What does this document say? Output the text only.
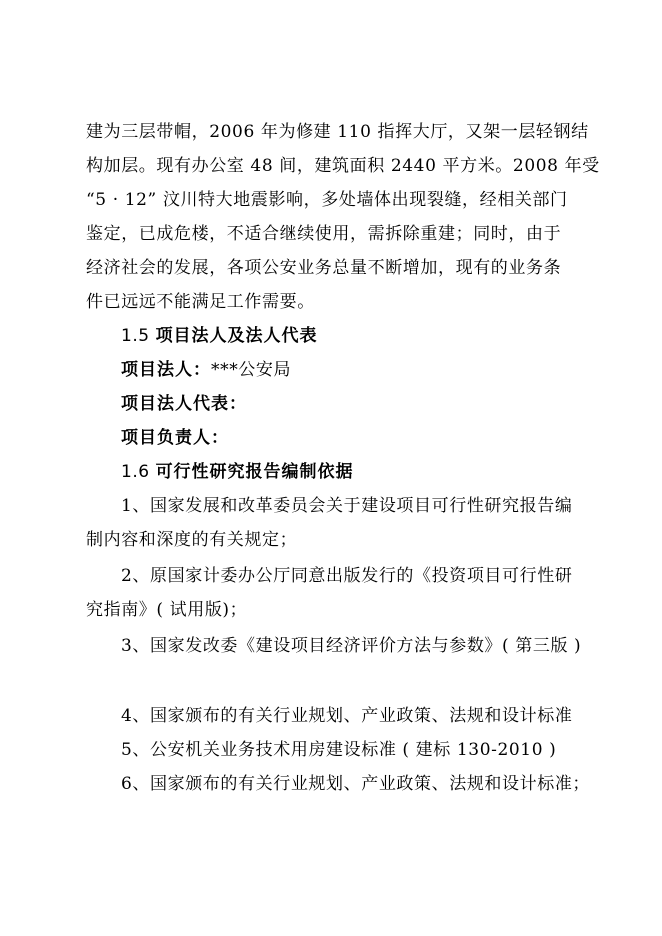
建为三层带帽，2006 年为修建 110 指挥大厅，又架一层轻钢结
构加层。现有办公室 48 间，建筑面积 2440 平方米。2008 年受
“5 · 12” 汶川特大地震影响，多处墙体出现裂缝，经相关部门
鉴定，已成危楼，不适合继续使用，需拆除重建；同时，由于
经济社会的发展，各项公安业务总量不断增加，现有的业务条
件已远远不能满足工作需要。
1.5 项目法人及法人代表
项目法人：***公安局
项目法人代表：
项目负责人：
1.6 可行性研究报告编制依据
1、国家发展和改革委员会关于建设项目可行性研究报告编
制内容和深度的有关规定；
2、原国家计委办公厅同意出版发行的《投资项目可行性研
究指南》( 试用版)；
3、国家发改委《建设项目经济评价方法与参数》( 第三版 )
4、国家颁布的有关行业规划、产业政策、法规和设计标准
5、公安机关业务技术用房建设标准 ( 建标 130-2010 )
6、国家颁布的有关行业规划、产业政策、法规和设计标准；
